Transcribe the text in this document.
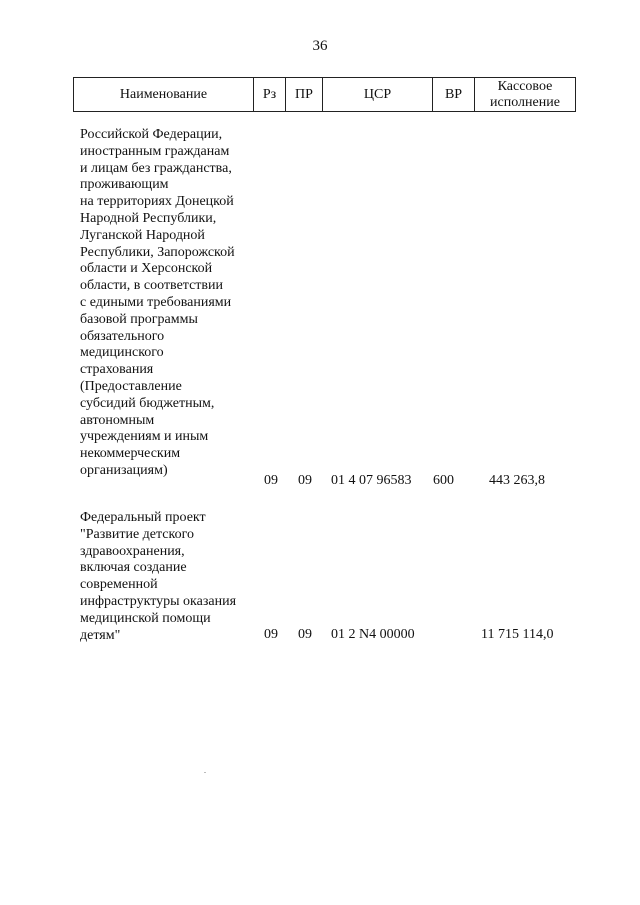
36
Наименование	Рз	ПР	ЦСР	ВР
Кассовое исполнение
Российской Федерации,
иностранным гражданам
и лицам без гражданства,
проживающим
на территориях Донецкой
Народной Республики,
Луганской Народной
Республики, Запорожской
области и Херсонской
области, в соответствии
с едиными требованиями
базовой программы
обязательного
медицинского
страхования
(Предоставление
субсидий бюджетным,
автономным
учреждениям и иным
некоммерческим
организациям)
09 09 01 4 07 96583 600	443 263,8
Федеральный проект
"Развитие детского
здравоохранения,
включая создание
современной
инфраструктуры оказания
медицинской помощи
детям"	09 09 01 2 N4 00000	11 715 114,0
